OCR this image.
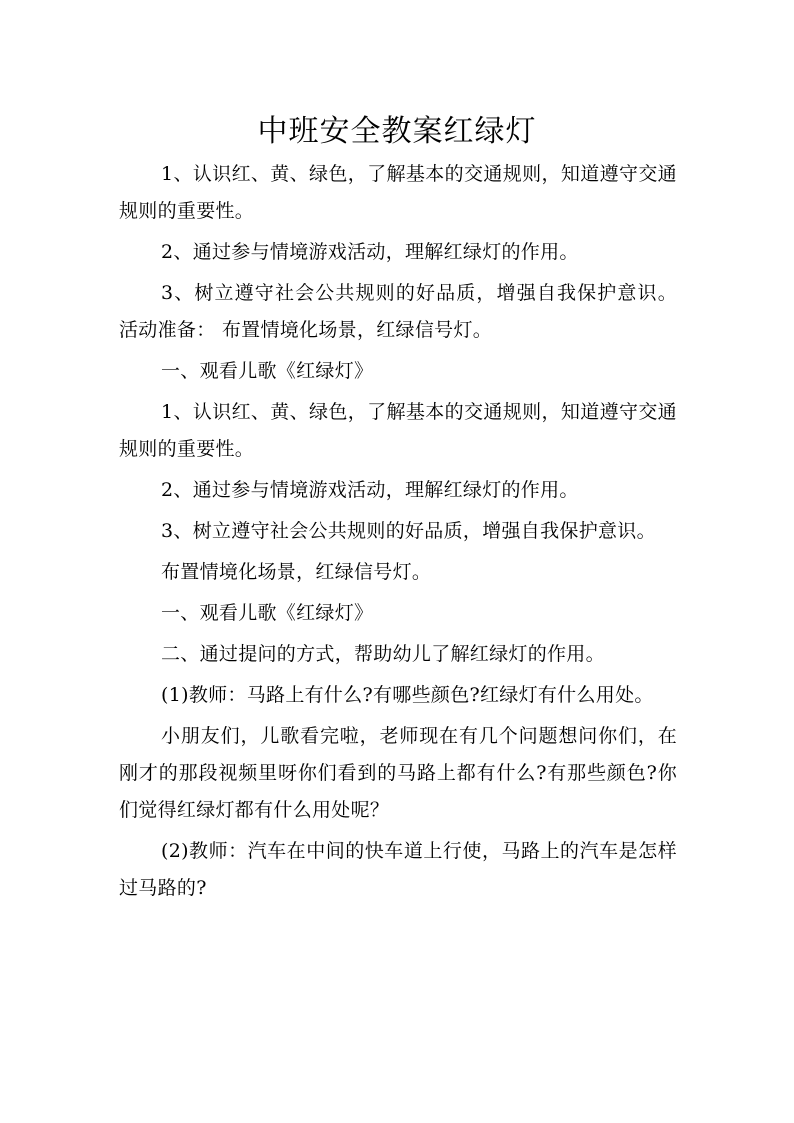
中班安全教案红绿灯

1、认识红、黄、绿色，了解基本的交通规则，知道遵守交通规则的重要性。

2、通过参与情境游戏活动，理解红绿灯的作用。

3、树立遵守社会公共规则的好品质，增强自我保护意识。 活动准备： 布置情境化场景，红绿信号灯。

一、观看儿歌《红绿灯》

1、认识红、黄、绿色，了解基本的交通规则，知道遵守交通规则的重要性。

2、通过参与情境游戏活动，理解红绿灯的作用。

3、树立遵守社会公共规则的好品质，增强自我保护意识。

布置情境化场景，红绿信号灯。

一、观看儿歌《红绿灯》

二、通过提问的方式，帮助幼儿了解红绿灯的作用。

(1)教师：马路上有什么?有哪些颜色?红绿灯有什么用处。

小朋友们，儿歌看完啦，老师现在有几个问题想问你们，在刚才的那段视频里呀你们看到的马路上都有什么?有那些颜色?你们觉得红绿灯都有什么用处呢？

(2)教师：汽车在中间的快车道上行使，马路上的汽车是怎样过马路的?
